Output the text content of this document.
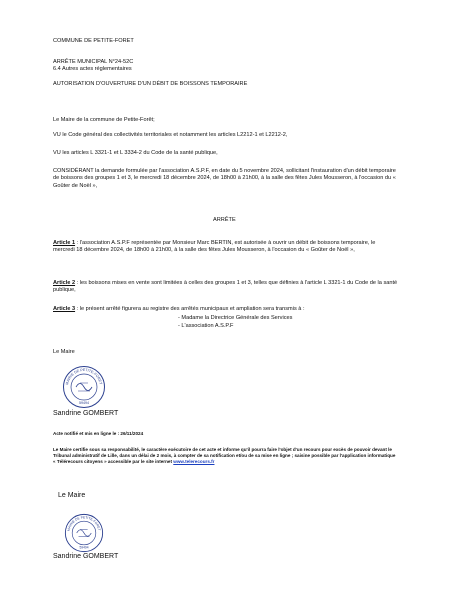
COMMUNE DE PETITE-FORET
ARRÊTE MUNICIPAL N°24-52C
6.4 Autres actes réglementaires
AUTORISATION D'OUVERTURE D'UN DÉBIT DE BOISSONS TEMPORAIRE
Le Maire de la commune de Petite-Forêt;
VU le Code général des collectivités territoriales et notamment les articles L2212-1 et L2212-2,
VU les articles L 3321-1 et L 3334-2 du Code de la santé publique,
CONSIDÉRANT la demande formulée par l'association A.S.P.F, en date du 5 novembre 2024, sollicitant l'instauration d'un débit temporaire de boissons des groupes 1 et 3, le mercredi 18 décembre 2024, de 18h00 à 21h00, à la salle des fêtes Jules Mousseron, à l'occasion du « Goûter de Noël »,
ARRÊTE
Article 1 : l'association A.S.P.F représentée par Monsieur Marc BERTIN, est autorisée à ouvrir un débit de boissons temporaire, le mercredi 18 décembre 2024, de 18h00 à 21h00, à la salle des fêtes Jules Mousseron, à l'occasion du « Goûter de Noël »,
Article 2 : les boissons mises en vente sont limitées à celles des groupes 1 et 3, telles que définies à l'article L 3321-1 du Code de la santé publique,
Article 3 : le présent arrêté figurera au registre des arrêtés municipaux et ampliation sera transmis à :
- Madame la Directrice Générale des Services
- L'association A.S.P.F
Le Maire
MAIRIE DE PETITE-FORET
59494
Sandrine GOMBERT
Acte notifié et mis en ligne le : 26/11/2024
Le Maire certifie sous sa responsabilité, le caractère exécutoire de cet acte et informe qu'il pourra faire l'objet d'un recours pour excès de pouvoir devant le Tribunal administratif de Lille, dans un délai de 2 mois, à compter de sa notification et/ou de sa mise en ligne ; saisine possible par l'application informatique « Télérecours citoyens » accessible par le site internet www.telerecours.fr
Le Maire
MAIRIE DE PETITE-FORET
59494
Sandrine GOMBERT
